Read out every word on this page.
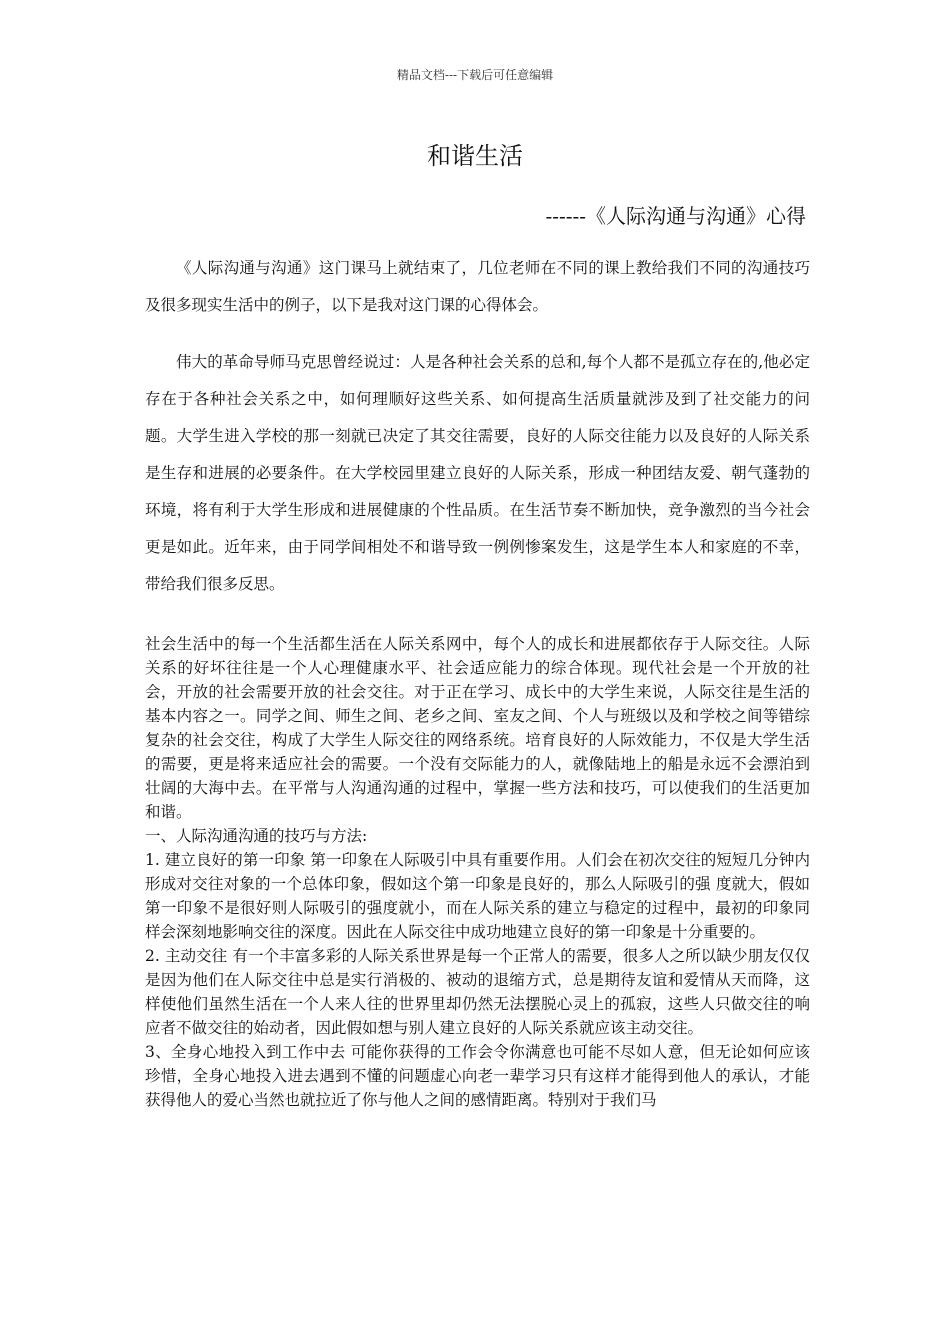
精品文档---下载后可任意编辑
和谐生活
------《人际沟通与沟通》心得

《人际沟通与沟通》这门课马上就结束了，几位老师在不同的课上教给我们不同的沟通技巧及很多现实生活中的例子，以下是我对这门课的心得体会。

伟大的革命导师马克思曾经说过：人是各种社会关系的总和,每个人都不是孤立存在的,他必定存在于各种社会关系之中，如何理顺好这些关系、如何提高生活质量就涉及到了社交能力的问题。大学生进入学校的那一刻就已决定了其交往需要，良好的人际交往能力以及良好的人际关系是生存和进展的必要条件。在大学校园里建立良好的人际关系，形成一种团结友爱、朝气蓬勃的环境，将有利于大学生形成和进展健康的个性品质。在生活节奏不断加快，竞争激烈的当今社会更是如此。近年来，由于同学间相处不和谐导致一例例惨案发生，这是学生本人和家庭的不幸，带给我们很多反思。

社会生活中的每一个生活都生活在人际关系网中，每个人的成长和进展都依存于人际交往。人际关系的好坏往往是一个人心理健康水平、社会适应能力的综合体现。现代社会是一个开放的社会，开放的社会需要开放的社会交往。对于正在学习、成长中的大学生来说，人际交往是生活的基本内容之一。同学之间、师生之间、老乡之间、室友之间、个人与班级以及和学校之间等错综复杂的社会交往，构成了大学生人际交往的网络系统。培育良好的人际效能力，不仅是大学生活的需要，更是将来适应社会的需要。一个没有交际能力的人，就像陆地上的船是永远不会漂泊到壮阔的大海中去。在平常与人沟通沟通的过程中，掌握一些方法和技巧，可以使我们的生活更加和谐。

一、人际沟通沟通的技巧与方法:

1. 建立良好的第一印象 第一印象在人际吸引中具有重要作用。人们会在初次交往的短短几分钟内形成对交往对象的一个总体印象，假如这个第一印象是良好的，那么人际吸引的强 度就大，假如第一印象不是很好则人际吸引的强度就小，而在人际关系的建立与稳定的过程中，最初的印象同样会深刻地影响交往的深度。因此在人际交往中成功地建立良好的第一印象是十分重要的。

2. 主动交往 有一个丰富多彩的人际关系世界是每一个正常人的需要，很多人之所以缺少朋友仅仅是因为他们在人际交往中总是实行消极的、被动的退缩方式，总是期待友谊和爱情从天而降，这样使他们虽然生活在一个人来人往的世界里却仍然无法摆脱心灵上的孤寂，这些人只做交往的响应者不做交往的始动者，因此假如想与别人建立良好的人际关系就应该主动交往。

3、全身心地投入到工作中去 可能你获得的工作会令你满意也可能不尽如人意，但无论如何应该珍惜，全身心地投入进去遇到不懂的问题虚心向老一辈学习只有这样才能得到他人的承认，才能获得他人的爱心当然也就拉近了你与他人之间的感情距离。特别对于我们马
